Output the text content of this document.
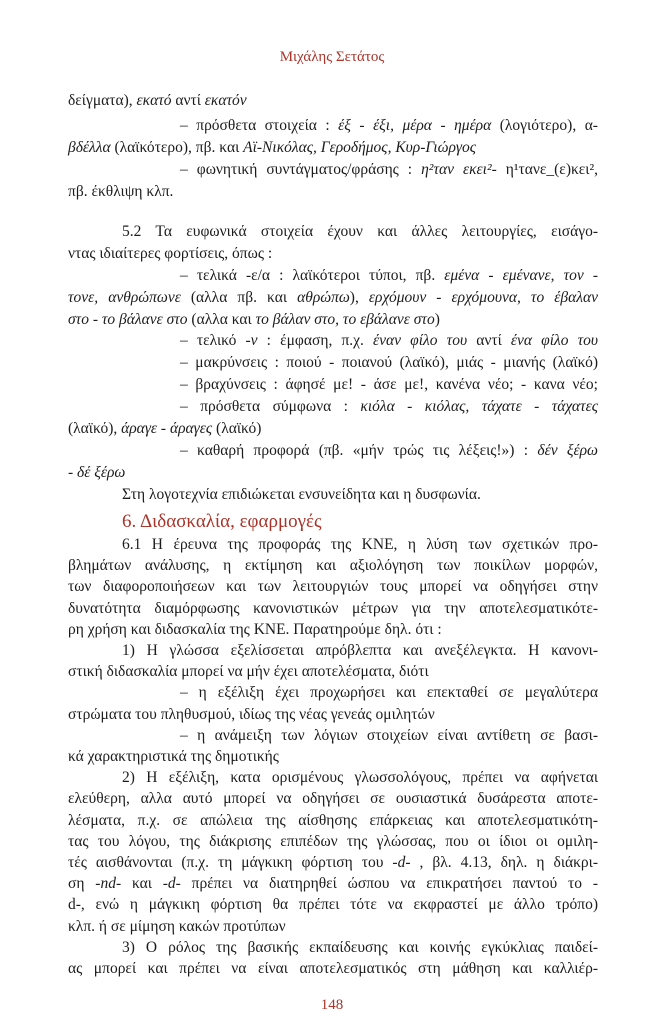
Μιχάλης Σετάτος
δείγματα), εκατό αντί εκατόν
– πρόσθετα στοιχεία : έξ - έξι, μέρα - ημέρα (λογιότερο), α-
βδέλλα (λαϊκότερο), πβ. και Αϊ-Νικόλας, Γεροδήμος, Κυρ-Γιώργος
– φωνητική συντάγματος/φράσης : η²ταν εκει²- η¹τανε_(ε)κει²,
πβ. έκθλιψη κλπ.
5.2 Τα ευφωνικά στοιχεία έχουν και άλλες λειτουργίες, εισάγο-
ντας ιδιαίτερες φορτίσεις, όπως :
– τελικά -ε/α : λαϊκότεροι τύποι, πβ. εμένα - εμένανε, τον -
τονε, ανθρώπωνε (αλλα πβ. και αθρώπω), ερχόμουν - ερχόμουνα, το έβαλαν
στο - το βάλανε στο (αλλα και το βάλαν στο, το εβάλανε στο)
– τελικό -ν : έμφαση, π.χ. έναν φίλο του αντί ένα φίλο του
– μακρύνσεις : ποιού - ποιανού (λαϊκό), μιάς - μιανής (λαϊκό)
– βραχύνσεις : άφησέ με! - άσε με!, κανένα νέο; - κανα νέο;
– πρόσθετα σύμφωνα : κιόλα - κιόλας, τάχατε - τάχατες
(λαϊκό), άραγε - άραγες (λαϊκό)
– καθαρή προφορά (πβ. «μήν τρώς τις λέξεις!») : δέν ξέρω
- δέ ξέρω
Στη λογοτεχνία επιδιώκεται ενσυνείδητα και η δυσφωνία.
6. Διδασκαλία, εφαρμογές
6.1 Η έρευνα της προφοράς της ΚΝΕ, η λύση των σχετικών προ-
βλημάτων ανάλυσης, η εκτίμηση και αξιολόγηση των ποικίλων μορφών,
των διαφοροποιήσεων και των λειτουργιών τους μπορεί να οδηγήσει στην
δυνατότητα διαμόρφωσης κανονιστικών μέτρων για την αποτελεσματικότε-
ρη χρήση και διδασκαλία της ΚΝΕ. Παρατηρούμε δηλ. ότι :
1) Η γλώσσα εξελίσσεται απρόβλεπτα και ανεξέλεγκτα. Η κανονι-
στική διδασκαλία μπορεί να μήν έχει αποτελέσματα, διότι
– η εξέλιξη έχει προχωρήσει και επεκταθεί σε μεγαλύτερα
στρώματα του πληθυσμού, ιδίως της νέας γενεάς ομιλητών
– η ανάμειξη των λόγιων στοιχείων είναι αντίθετη σε βασι-
κά χαρακτηριστικά της δημοτικής
2) Η εξέλιξη, κατα ορισμένους γλωσσολόγους, πρέπει να αφήνεται
ελεύθερη, αλλα αυτό μπορεί να οδηγήσει σε ουσιαστικά δυσάρεστα αποτε-
λέσματα, π.χ. σε απώλεια της αίσθησης επάρκειας και αποτελεσματικότη-
τας του λόγου, της διάκρισης επιπέδων της γλώσσας, που οι ίδιοι οι ομιλη-
τές αισθάνονται (π.χ. τη μάγκικη φόρτιση του -d- , βλ. 4.13, δηλ. η διάκρι-
ση -nd- και -d- πρέπει να διατηρηθεί ώσπου να επικρατήσει παντού το -
d-, ενώ η μάγκικη φόρτιση θα πρέπει τότε να εκφραστεί με άλλο τρόπο)
κλπ. ή σε μίμηση κακών προτύπων
3) Ο ρόλος της βασικής εκπαίδευσης και κοινής εγκύκλιας παιδεί-
ας μπορεί και πρέπει να είναι αποτελεσματικός στη μάθηση και καλλιέρ-
148
